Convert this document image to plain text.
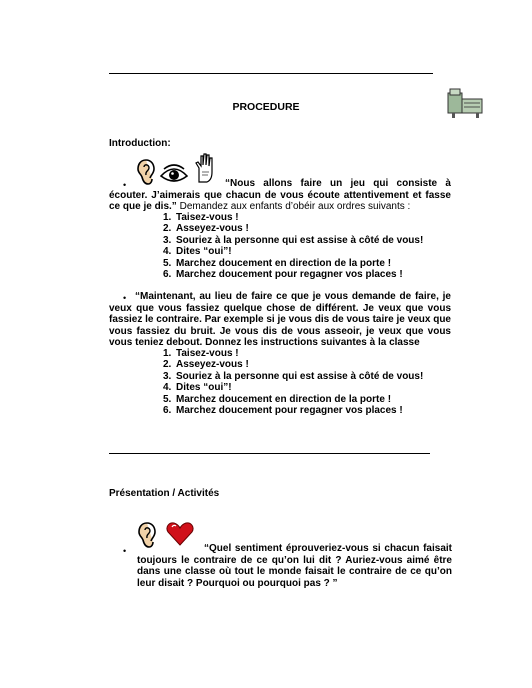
PROCEDURE
Introduction:
•	“Nous allons faire un jeu qui consiste à écouter. J’aimerais que chacun de vous écoute attentivement et fasse ce que je dis.” Demandez aux enfants d’obéir aux ordres suivants :
1. Taisez-vous !
2. Asseyez-vous !
3. Souriez à la personne qui est assise à côté de vous!
4. Dites “oui”!
5. Marchez doucement en direction de la porte !
6. Marchez doucement pour regagner vos places !
• “Maintenant, au lieu de faire ce que je vous demande de faire, je veux que vous fassiez quelque chose de différent. Je veux que vous fassiez le contraire. Par exemple si je vous dis de vous taire je veux que vous fassiez du bruit. Je vous dis de vous asseoir, je veux que vous vous teniez debout. Donnez les instructions suivantes à la classe
1. Taisez-vous !
2. Asseyez-vous !
3. Souriez à la personne qui est assise à côté de vous!
4. Dites “oui”!
5. Marchez doucement en direction de la porte !
6. Marchez doucement pour regagner vos places !
Présentation / Activités
•	“Quel sentiment éprouveriez-vous si chacun faisait toujours le contraire de ce qu’on lui dit ? Auriez-vous aimé être dans une classe où tout le monde faisait le contraire de ce qu’on leur disait ? Pourquoi ou pourquoi pas ? ”
